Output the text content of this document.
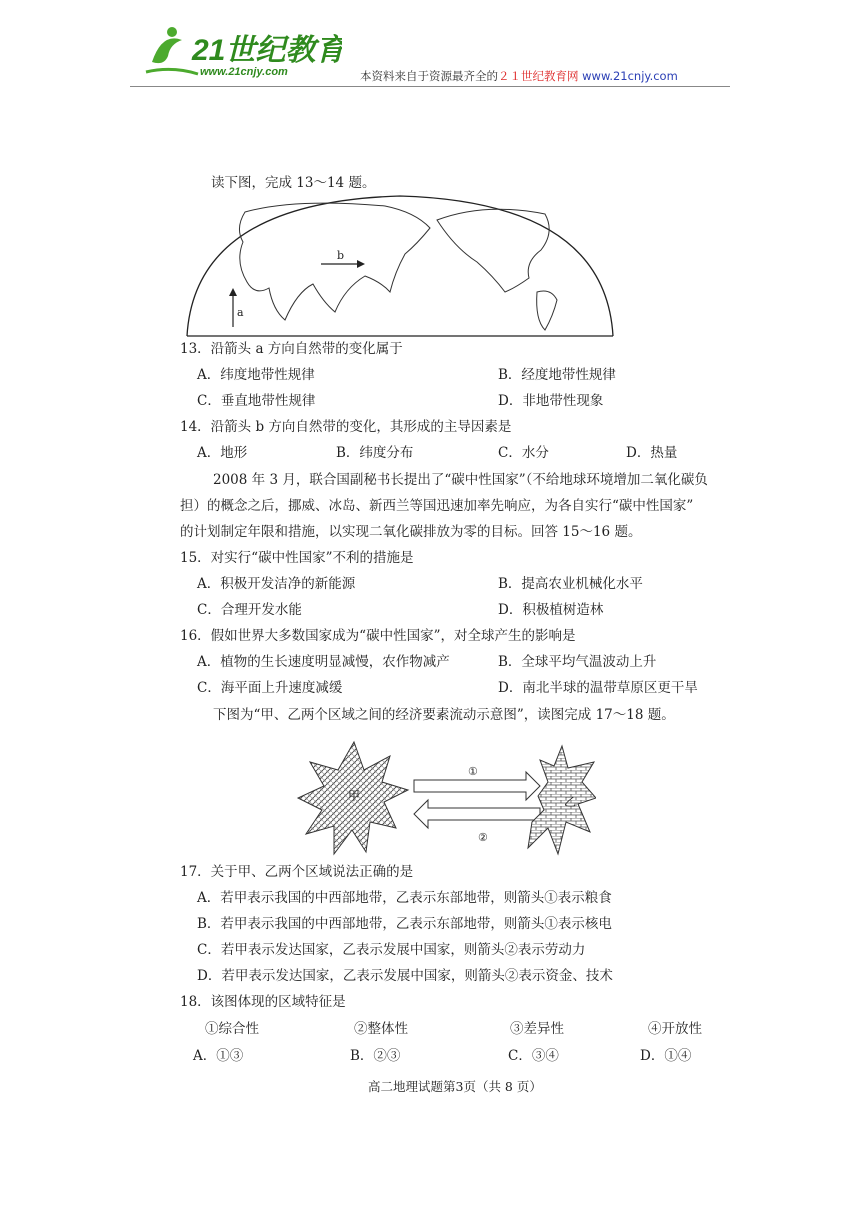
21世纪教育
www.21cnjy.com	本资料来自于资源最齐全的２１世纪教育网 www.21cnjy.com
读下图，完成 13～14 题。
a
b
13．沿箭头 a 方向自然带的变化属于
A．纬度地带性规律	B．经度地带性规律
C．垂直地带性规律	D．非地带性现象
14．沿箭头 b 方向自然带的变化，其形成的主导因素是
A．地形	B．纬度分布	C．水分	D．热量
2008 年 3 月，联合国副秘书长提出了“碳中性国家”（不给地球环境增加二氧化碳负
担）的概念之后，挪威、冰岛、新西兰等国迅速加率先响应，为各自实行“碳中性国家”
的计划制定年限和措施，以实现二氧化碳排放为零的目标。回答 15～16 题。
15．对实行“碳中性国家”不利的措施是
A．积极开发洁净的新能源	B．提高农业机械化水平
C．合理开发水能	D．积极植树造林
16．假如世界大多数国家成为“碳中性国家”，对全球产生的影响是
A．植物的生长速度明显减慢，农作物减产	B．全球平均气温波动上升
C．海平面上升速度减缓	D．南北半球的温带草原区更干旱
下图为“甲、乙两个区域之间的经济要素流动示意图”，读图完成 17～18 题。
甲
①
②
乙
17．关于甲、乙两个区域说法正确的是
A．若甲表示我国的中西部地带，乙表示东部地带，则箭头①表示粮食
B．若甲表示我国的中西部地带，乙表示东部地带，则箭头①表示核电
C．若甲表示发达国家，乙表示发展中国家，则箭头②表示劳动力
D．若甲表示发达国家，乙表示发展中国家，则箭头②表示资金、技术
18．该图体现的区域特征是
①综合性	②整体性	③差异性	④开放性
A．①③	B．②③	C．③④	D．①④
高二地理试题第3页（共 8 页）
